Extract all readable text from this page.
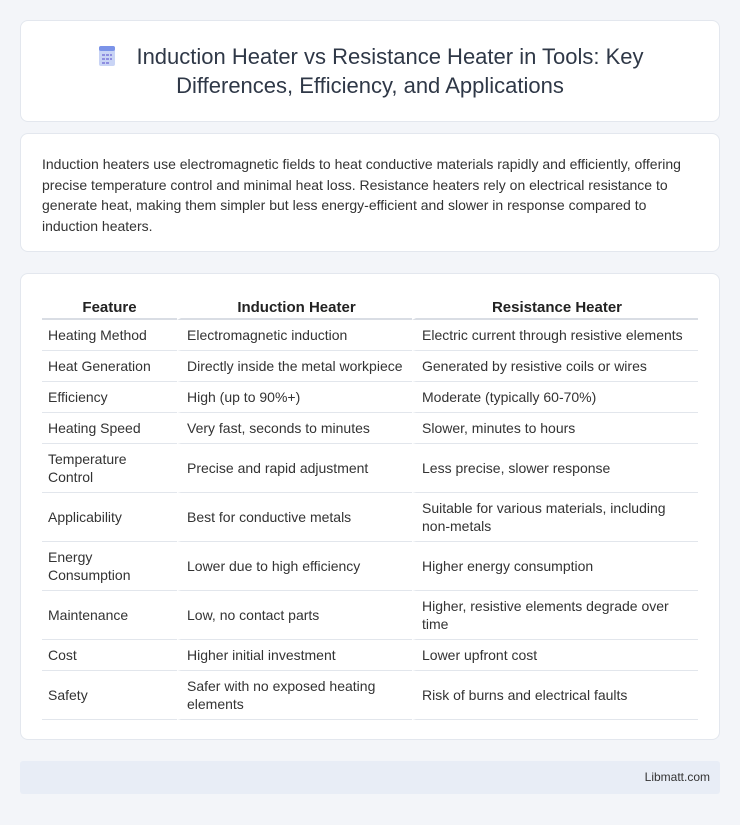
Induction Heater vs Resistance Heater in Tools: Key Differences, Efficiency, and Applications

Induction heaters use electromagnetic fields to heat conductive materials rapidly and efficiently, offering precise temperature control and minimal heat loss. Resistance heaters rely on electrical resistance to generate heat, making them simpler but less energy-efficient and slower in response compared to induction heaters.

Feature	Induction Heater	Resistance Heater
Heating Method	Electromagnetic induction	Electric current through resistive elements
Heat Generation	Directly inside the metal workpiece	Generated by resistive coils or wires
Efficiency	High (up to 90%+)	Moderate (typically 60-70%)
Heating Speed	Very fast, seconds to minutes	Slower, minutes to hours
Temperature Control	Precise and rapid adjustment	Less precise, slower response
Applicability	Best for conductive metals	Suitable for various materials, including non-metals
Energy Consumption	Lower due to high efficiency	Higher energy consumption
Maintenance	Low, no contact parts	Higher, resistive elements degrade over time
Cost	Higher initial investment	Lower upfront cost
Safety	Safer with no exposed heating elements	Risk of burns and electrical faults
Libmatt.com
